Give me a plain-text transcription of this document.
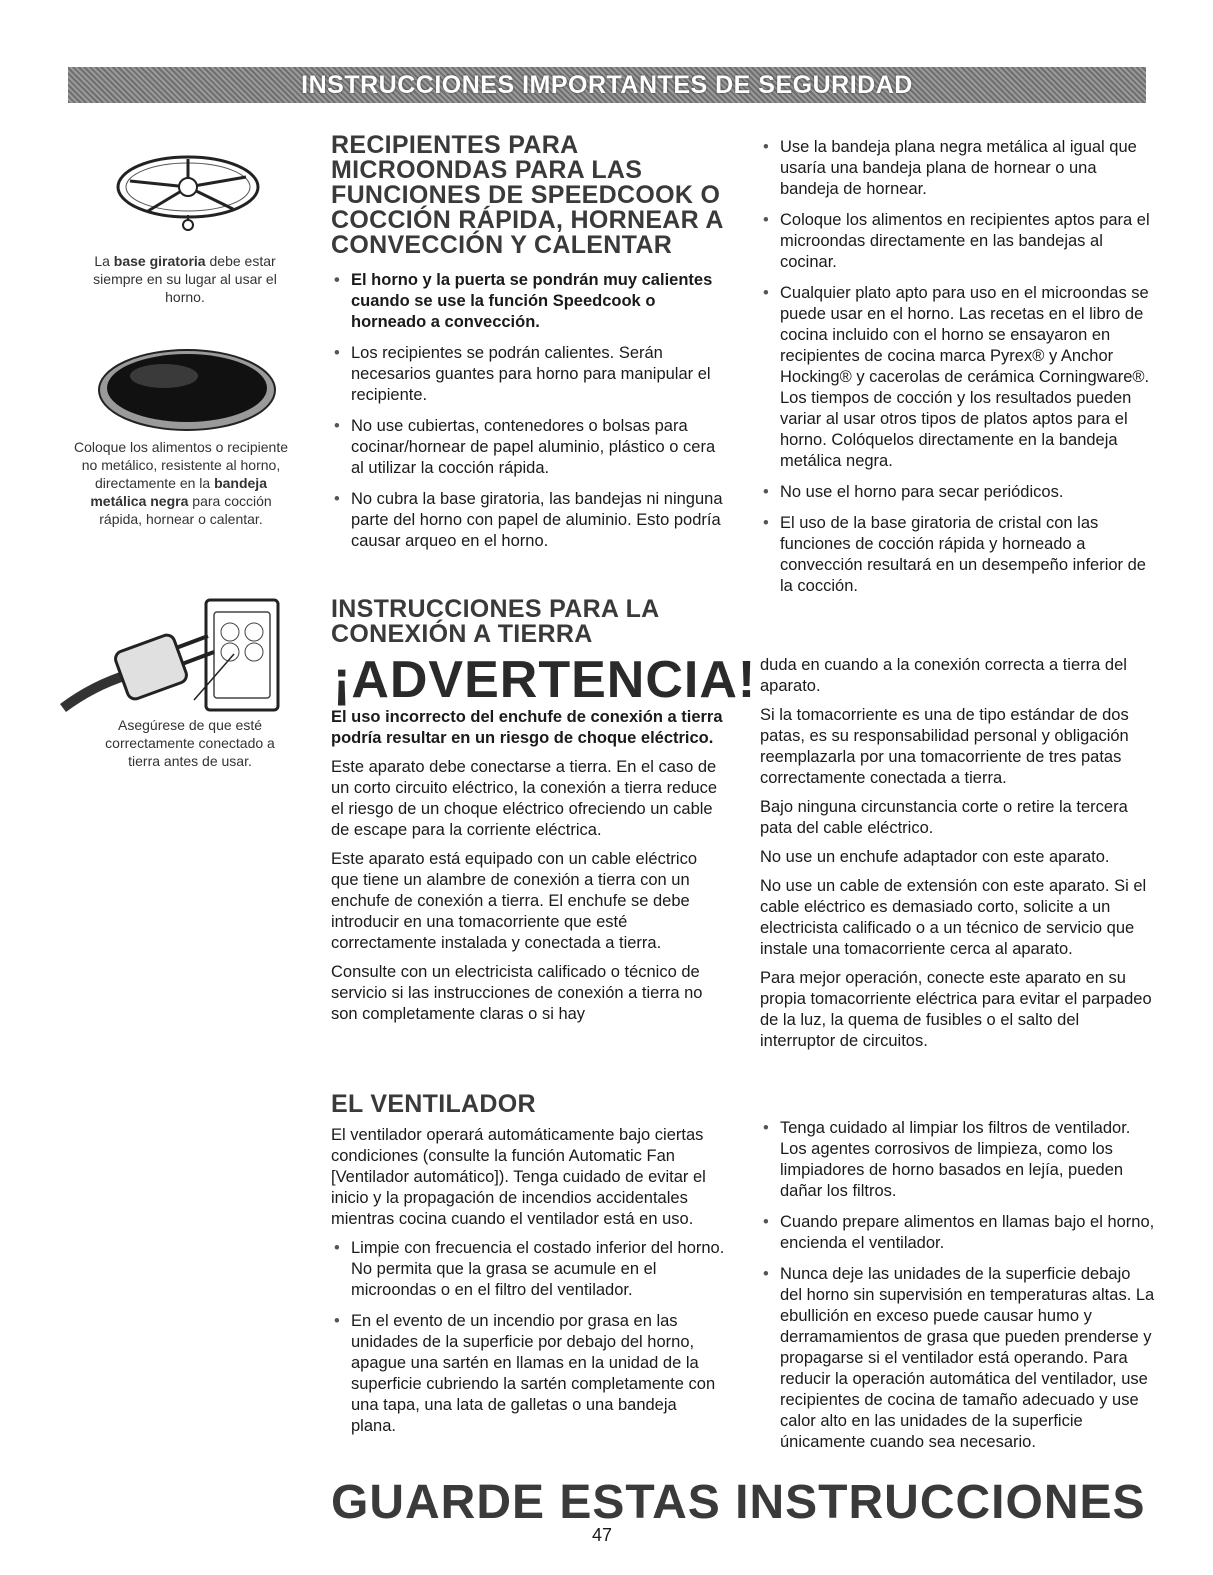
INSTRUCCIONES IMPORTANTES DE SEGURIDAD
La base giratoria debe estar siempre en su lugar al usar el horno.
Coloque los alimentos o recipiente no metálico, resistente al horno, directamente en la bandeja metálica negra para cocción rápida, hornear o calentar.
Asegúrese de que esté correctamente conectado a tierra antes de usar.
RECIPIENTES PARA MICROONDAS PARA LAS FUNCIONES DE SPEEDCOOK O COCCIÓN RÁPIDA, HORNEAR A CONVECCIÓN Y CALENTAR
• El horno y la puerta se pondrán muy calientes cuando se use la función Speedcook o horneado a convección.
• Los recipientes se podrán calientes. Serán necesarios guantes para horno para manipular el recipiente.
• No use cubiertas, contenedores o bolsas para cocinar/hornear de papel aluminio, plástico o cera al utilizar la cocción rápida.
• No cubra la base giratoria, las bandejas ni ninguna parte del horno con papel de aluminio. Esto podría causar arqueo en el horno.
INSTRUCCIONES PARA LA CONEXIÓN A TIERRA
¡ADVERTENCIA!

El uso incorrecto del enchufe de conexión a tierra podría resultar en un riesgo de choque eléctrico.

Este aparato debe conectarse a tierra. En el caso de un corto circuito eléctrico, la conexión a tierra reduce el riesgo de un choque eléctrico ofreciendo un cable de escape para la corriente eléctrica.

Este aparato está equipado con un cable eléctrico que tiene un alambre de conexión a tierra con un enchufe de conexión a tierra. El enchufe se debe introducir en una tomacorriente que esté correctamente instalada y conectada a tierra.

Consulte con un electricista calificado o técnico de servicio si las instrucciones de conexión a tierra no son completamente claras o si hay

EL VENTILADOR

El ventilador operará automáticamente bajo ciertas condiciones (consulte la función Automatic Fan [Ventilador automático]). Tenga cuidado de evitar el inicio y la propagación de incendios accidentales mientras cocina cuando el ventilador está en uso.

• Limpie con frecuencia el costado inferior del horno. No permita que la grasa se acumule en el microondas o en el filtro del ventilador.
• En el evento de un incendio por grasa en las unidades de la superficie por debajo del horno, apague una sartén en llamas en la unidad de la superficie cubriendo la sartén completamente con una tapa, una lata de galletas o una bandeja plana.
• Use la bandeja plana negra metálica al igual que usaría una bandeja plana de hornear o una bandeja de hornear.
• Coloque los alimentos en recipientes aptos para el microondas directamente en las bandejas al cocinar.
• Cualquier plato apto para uso en el microondas se puede usar en el horno. Las recetas en el libro de cocina incluido con el horno se ensayaron en recipientes de cocina marca Pyrex® y Anchor Hocking® y cacerolas de cerámica Corningware®. Los tiempos de cocción y los resultados pueden variar al usar otros tipos de platos aptos para el horno. Colóquelos directamente en la bandeja metálica negra.
• No use el horno para secar periódicos.
• El uso de la base giratoria de cristal con las funciones de cocción rápida y horneado a convección resultará en un desempeño inferior de la cocción.

duda en cuando a la conexión correcta a tierra del aparato.

Si la tomacorriente es una de tipo estándar de dos patas, es su responsabilidad personal y obligación reemplazarla por una tomacorriente de tres patas correctamente conectada a tierra.

Bajo ninguna circunstancia corte o retire la tercera pata del cable eléctrico.

No use un enchufe adaptador con este aparato.

No use un cable de extensión con este aparato. Si el cable eléctrico es demasiado corto, solicite a un electricista calificado o a un técnico de servicio que instale una tomacorriente cerca al aparato.

Para mejor operación, conecte este aparato en su propia tomacorriente eléctrica para evitar el parpadeo de la luz, la quema de fusibles o el salto del interruptor de circuitos.

• Tenga cuidado al limpiar los filtros de ventilador. Los agentes corrosivos de limpieza, como los limpiadores de horno basados en lejía, pueden dañar los filtros.
• Cuando prepare alimentos en llamas bajo el horno, encienda el ventilador.
• Nunca deje las unidades de la superficie debajo del horno sin supervisión en temperaturas altas. La ebullición en exceso puede causar humo y derramamientos de grasa que pueden prenderse y propagarse si el ventilador está operando. Para reducir la operación automática del ventilador, use recipientes de cocina de tamaño adecuado y use calor alto en las unidades de la superficie únicamente cuando sea necesario.
GUARDE ESTAS INSTRUCCIONES
47
